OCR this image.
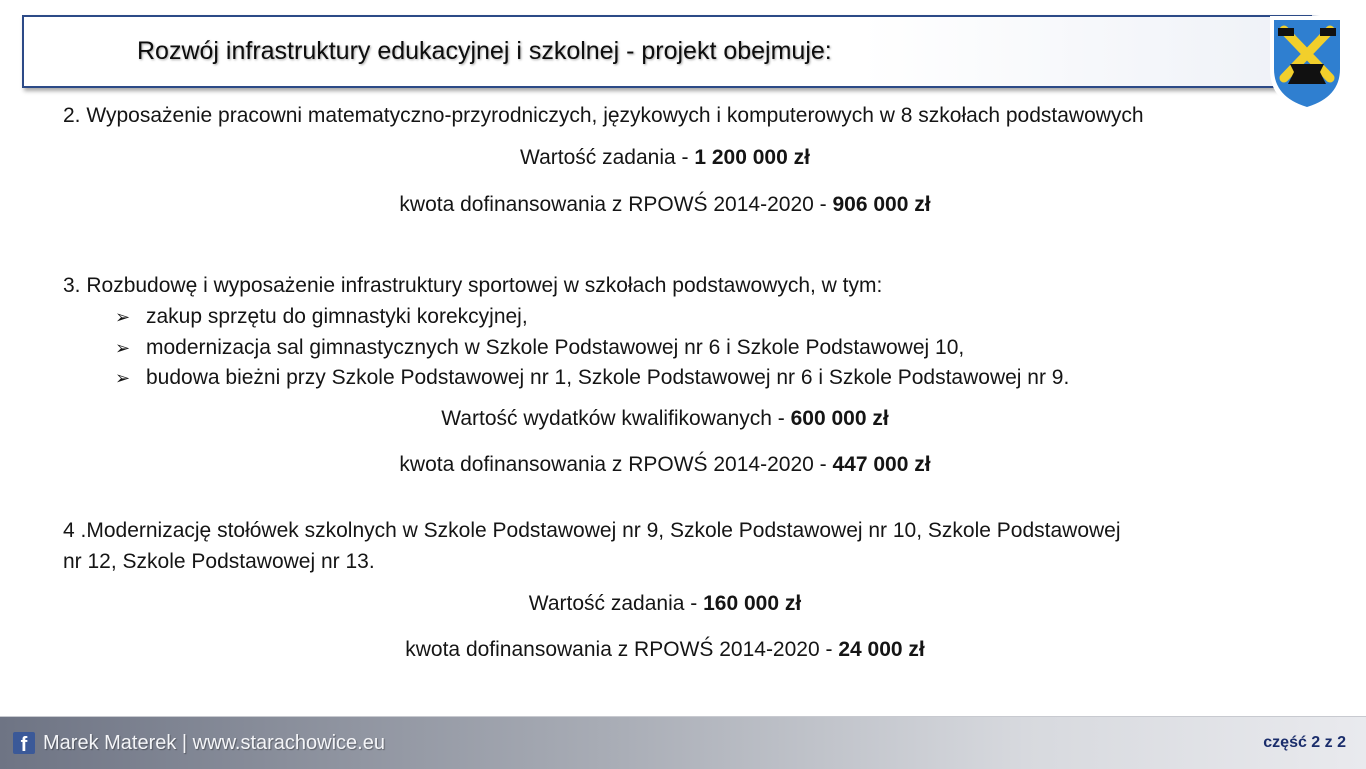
Rozwój infrastruktury edukacyjnej i szkolnej - projekt obejmuje:
2. Wyposażenie pracowni matematyczno-przyrodniczych, językowych i komputerowych w 8 szkołach podstawowych
Wartość zadania - 1 200 000 zł
kwota dofinansowania z RPOWŚ 2014-2020 - 906 000 zł
3. Rozbudowę i wyposażenie infrastruktury sportowej w szkołach podstawowych, w tym:
➢ zakup sprzętu do gimnastyki korekcyjnej,
➢ modernizacja sal gimnastycznych w Szkole Podstawowej nr 6 i Szkole Podstawowej 10,
➢ budowa bieżni przy Szkole Podstawowej nr 1, Szkole Podstawowej nr 6 i Szkole Podstawowej nr 9.
Wartość wydatków kwalifikowanych - 600 000 zł
kwota dofinansowania z RPOWŚ 2014-2020 - 447 000 zł
4 .Modernizację stołówek szkolnych w Szkole Podstawowej nr 9, Szkole Podstawowej nr 10, Szkole Podstawowej
nr 12, Szkole Podstawowej nr 13.
Wartość zadania - 160 000 zł
kwota dofinansowania z RPOWŚ 2014-2020 - 24 000 zł
f Marek Materek | www.starachowice.eu	część 2 z 2
